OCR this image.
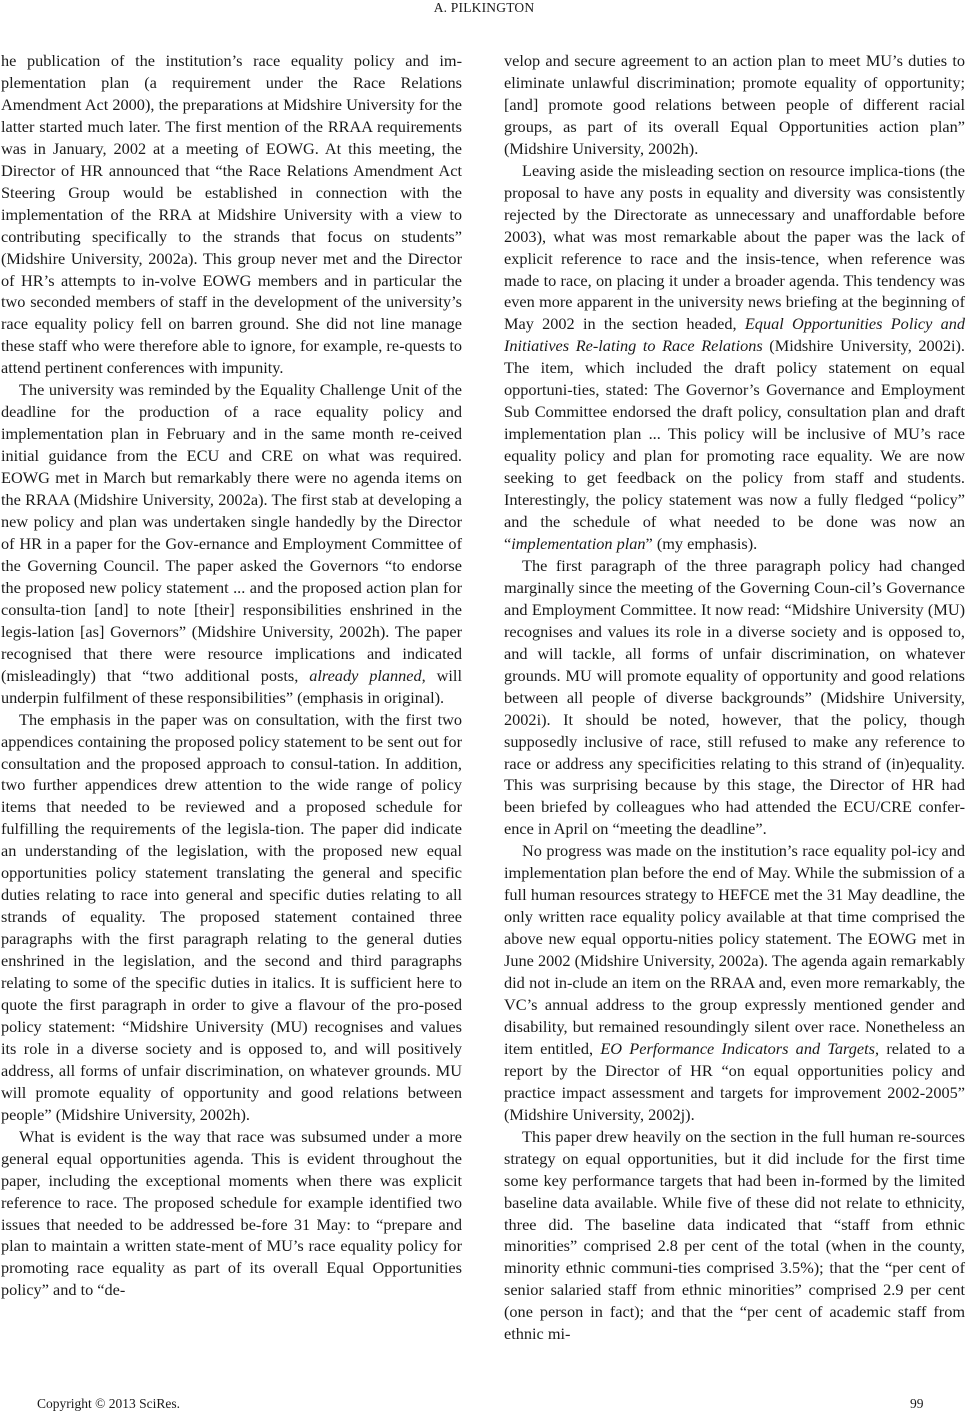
A. PILKINGTON

he publication of the institution’s race equality policy and im-plementation plan (a requirement under the Race Relations Amendment Act 2000), the preparations at Midshire University for the latter started much later. The first mention of the RRAA requirements was in January, 2002 at a meeting of EOWG. At this meeting, the Director of HR announced that “the Race Relations Amendment Act Steering Group would be established in connection with the implementation of the RRA at Midshire University with a view to contributing specifically to the strands that focus on students” (Midshire University, 2002a). This group never met and the Director of HR’s attempts to in-volve EOWG members and in particular the two seconded members of staff in the development of the university’s race equality policy fell on barren ground. She did not line manage these staff who were therefore able to ignore, for example, re-quests to attend pertinent conferences with impunity.

The university was reminded by the Equality Challenge Unit of the deadline for the production of a race equality policy and implementation plan in February and in the same month re-ceived initial guidance from the ECU and CRE on what was required. EOWG met in March but remarkably there were no agenda items on the RRAA (Midshire University, 2002a). The first stab at developing a new policy and plan was undertaken single handedly by the Director of HR in a paper for the Gov-ernance and Employment Committee of the Governing Council. The paper asked the Governors “to endorse the proposed new policy statement ... and the proposed action plan for consulta-tion [and] to note [their] responsibilities enshrined in the legis-lation [as] Governors” (Midshire University, 2002h). The paper recognised that there were resource implications and indicated (misleadingly) that “two additional posts, already planned, will underpin fulfilment of these responsibilities” (emphasis in original).

The emphasis in the paper was on consultation, with the first two appendices containing the proposed policy statement to be sent out for consultation and the proposed approach to consul-tation. In addition, two further appendices drew attention to the wide range of policy items that needed to be reviewed and a proposed schedule for fulfilling the requirements of the legisla-tion. The paper did indicate an understanding of the legislation, with the proposed new equal opportunities policy statement translating the general and specific duties relating to race into general and specific duties relating to all strands of equality. The proposed statement contained three paragraphs with the first paragraph relating to the general duties enshrined in the legislation, and the second and third paragraphs relating to some of the specific duties in italics. It is sufficient here to quote the first paragraph in order to give a flavour of the pro-posed policy statement: “Midshire University (MU) recognises and values its role in a diverse society and is opposed to, and will positively address, all forms of unfair discrimination, on whatever grounds. MU will promote equality of opportunity and good relations between people” (Midshire University, 2002h).

What is evident is the way that race was subsumed under a more general equal opportunities agenda. This is evident throughout the paper, including the exceptional moments when there was explicit reference to race. The proposed schedule for example identified two issues that needed to be addressed be-fore 31 May: to “prepare and plan to maintain a written state-ment of MU’s race equality policy for promoting race equality as part of its overall Equal Opportunities policy” and to “de-

velop and secure agreement to an action plan to meet MU’s duties to eliminate unlawful discrimination; promote equality of opportunity; [and] promote good relations between people of different racial groups, as part of its overall Equal Opportunities action plan” (Midshire University, 2002h).

Leaving aside the misleading section on resource implica-tions (the proposal to have any posts in equality and diversity was consistently rejected by the Directorate as unnecessary and unaffordable before 2003), what was most remarkable about the paper was the lack of explicit reference to race and the insis-tence, when reference was made to race, on placing it under a broader agenda. This tendency was even more apparent in the university news briefing at the beginning of May 2002 in the section headed, Equal Opportunities Policy and Initiatives Re-lating to Race Relations (Midshire University, 2002i). The item, which included the draft policy statement on equal opportuni-ties, stated: The Governor’s Governance and Employment Sub Committee endorsed the draft policy, consultation plan and draft implementation plan ... This policy will be inclusive of MU’s race equality policy and plan for promoting race equality. We are now seeking to get feedback on the policy from staff and students. Interestingly, the policy statement was now a fully fledged “policy” and the schedule of what needed to be done was now an “implementation plan” (my emphasis).

The first paragraph of the three paragraph policy had changed marginally since the meeting of the Governing Coun-cil’s Governance and Employment Committee. It now read: “Midshire University (MU) recognises and values its role in a diverse society and is opposed to, and will tackle, all forms of unfair discrimination, on whatever grounds. MU will promote equality of opportunity and good relations between all people of diverse backgrounds” (Midshire University, 2002i). It should be noted, however, that the policy, though supposedly inclusive of race, still refused to make any reference to race or address any specificities relating to this strand of (in)equality. This was surprising because by this stage, the Director of HR had been briefed by colleagues who had attended the ECU/CRE confer-ence in April on “meeting the deadline”.

No progress was made on the institution’s race equality pol-icy and implementation plan before the end of May. While the submission of a full human resources strategy to HEFCE met the 31 May deadline, the only written race equality policy available at that time comprised the above new equal opportu-nities policy statement. The EOWG met in June 2002 (Midshire University, 2002a). The agenda again remarkably did not in-clude an item on the RRAA and, even more remarkably, the VC’s annual address to the group expressly mentioned gender and disability, but remained resoundingly silent over race. Nonetheless an item entitled, EO Performance Indicators and Targets, related to a report by the Director of HR “on equal opportunities policy and practice impact assessment and targets for improvement 2002-2005” (Midshire University, 2002j).

This paper drew heavily on the section in the full human re-sources strategy on equal opportunities, but it did include for the first time some key performance targets that had been in-formed by the limited baseline data available. While five of these did not relate to ethnicity, three did. The baseline data indicated that “staff from ethnic minorities” comprised 2.8 per cent of the total (when in the county, minority ethnic communi-ties comprised 3.5%); that the “per cent of senior salaried staff from ethnic minorities” comprised 2.9 per cent (one person in fact); and that the “per cent of academic staff from ethnic mi-

Copyright © 2013 SciRes.	99
